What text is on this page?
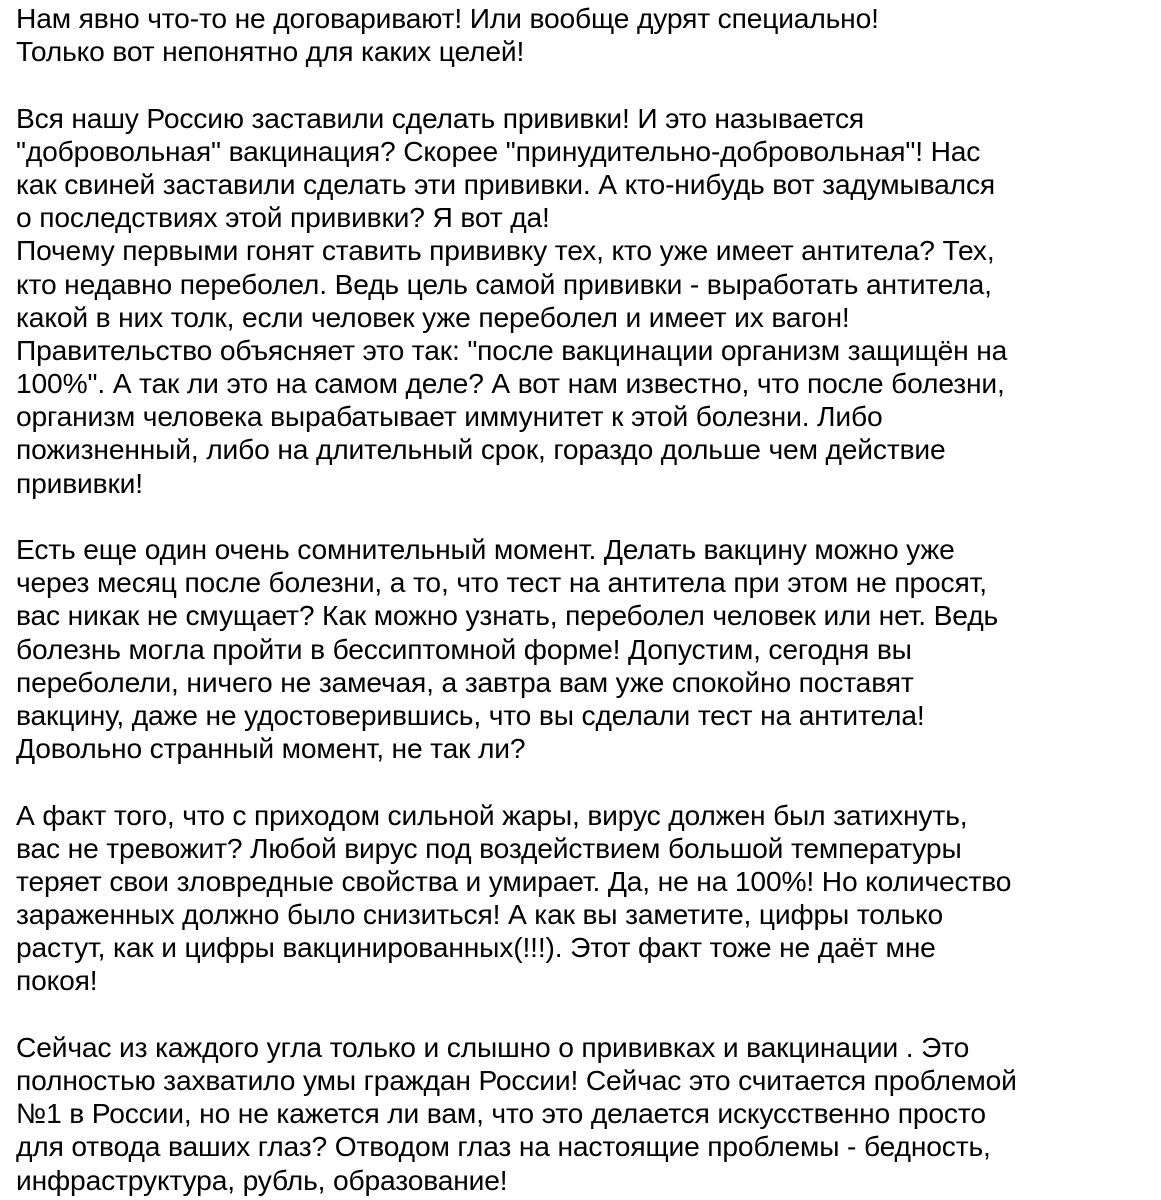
Нам явно что-то не договаривают! Или вообще дурят специально!
Только вот непонятно для каких целей!

Вся нашу Россию заставили сделать прививки! И это называется
"добровольная" вакцинация? Скорее "принудительно-добровольная"! Нас
как свиней заставили сделать эти прививки. А кто-нибудь вот задумывался
о последствиях этой прививки? Я вот да!
Почему первыми гонят ставить прививку тех, кто уже имеет антитела? Тех,
кто недавно переболел. Ведь цель самой прививки - выработать антитела,
какой в них толк, если человек уже переболел и имеет их вагон!
Правительство объясняет это так: "после вакцинации организм защищён на
100%". А так ли это на самом деле? А вот нам известно, что после болезни,
организм человека вырабатывает иммунитет к этой болезни. Либо
пожизненный, либо на длительный срок, гораздо дольше чем действие
прививки!

Есть еще один очень сомнительный момент. Делать вакцину можно уже
через месяц после болезни, а то, что тест на антитела при этом не просят,
вас никак не смущает? Как можно узнать, переболел человек или нет. Ведь
болезнь могла пройти в бессиптомной форме! Допустим, сегодня вы
переболели, ничего не замечая, а завтра вам уже спокойно поставят
вакцину, даже не удостоверившись, что вы сделали тест на антитела!
Довольно странный момент, не так ли?

А факт того, что с приходом сильной жары, вирус должен был затихнуть,
вас не тревожит? Любой вирус под воздействием большой температуры
теряет свои зловредные свойства и умирает. Да, не на 100%! Но количество
зараженных должно было снизиться! А как вы заметите, цифры только
растут, как и цифры вакцинированных(!!!). Этот факт тоже не даёт мне
покоя!

Сейчас из каждого угла только и слышно о прививках и вакцинации . Это
полностью захватило умы граждан России! Сейчас это считается проблемой
№1 в России, но не кажется ли вам, что это делается искусственно просто
для отвода ваших глаз? Отводом глаз на настоящие проблемы - бедность,
инфраструктура, рубль, образование!
